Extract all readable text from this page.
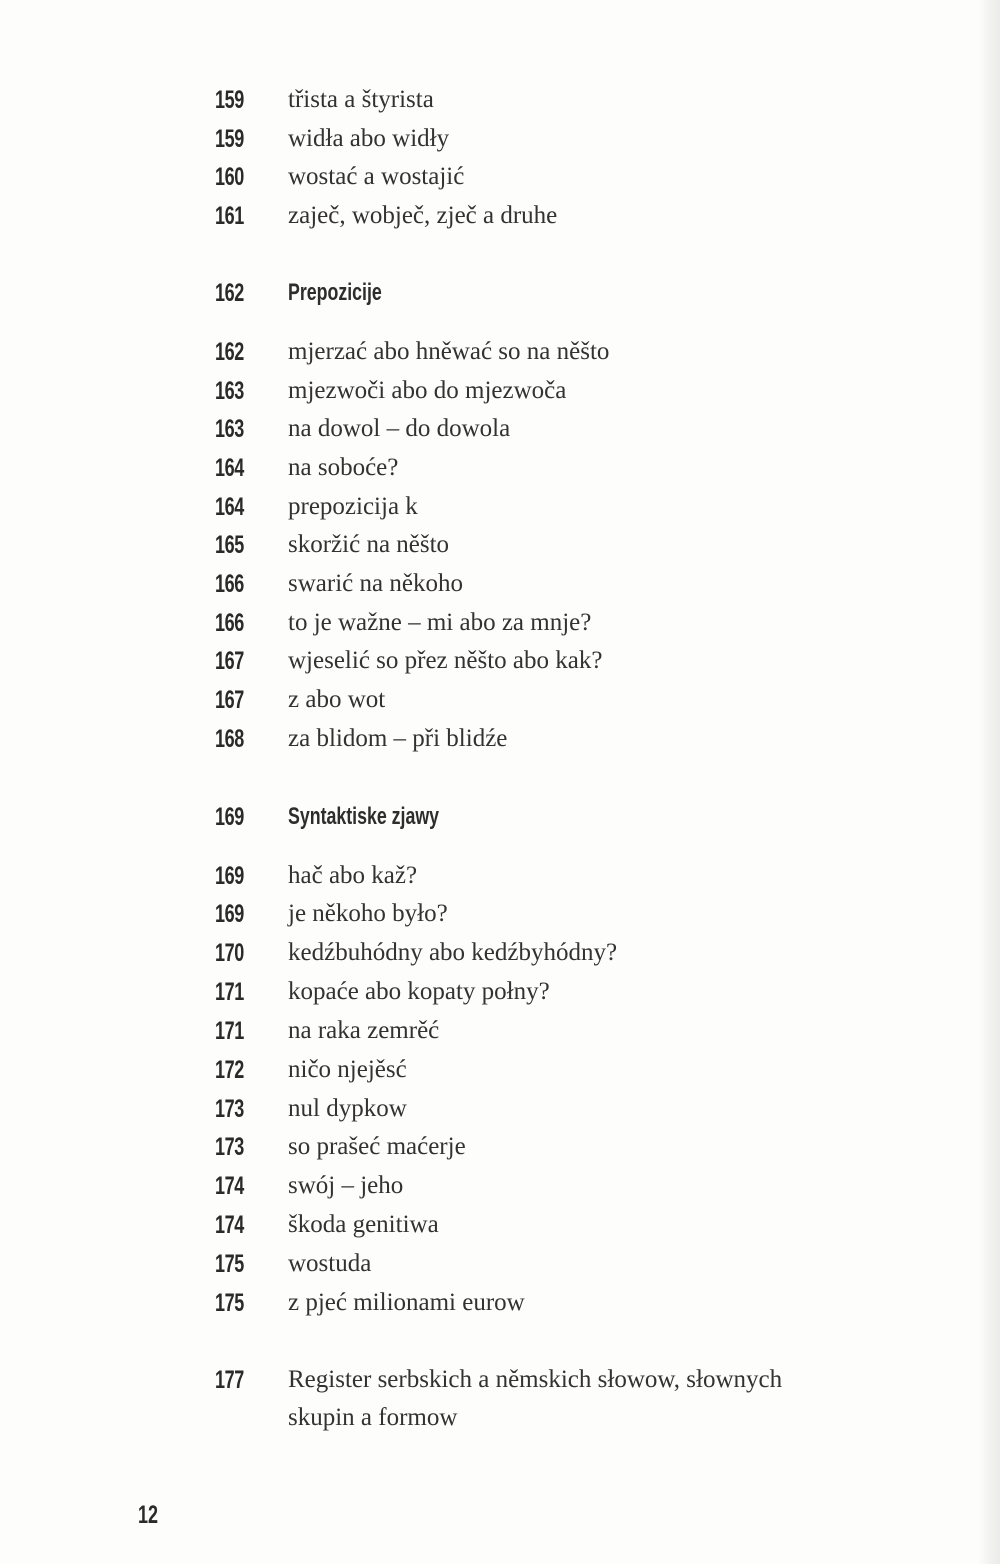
159 třista a štyrista
159 widła abo widły
160 wostać a wostajić
161 zaječ, wobječ, zječ a druhe
162 Prepozicije
162 mjerzać abo hněwać so na něšto
163 mjezwoči abo do mjezwoča
163 na dowol – do dowola
164 na soboće?
164 prepozicija k
165 skoržić na něšto
166 swarić na někoho
166 to je wažne – mi abo za mnje?
167 wjeselić so přez něšto abo kak?
167 z abo wot
168 za blidom – při blidźe
169 Syntaktiske zjawy
169 hač abo kaž?
169 je někoho było?
170 kedźbuhódny abo kedźbyhódny?
171 kopaće abo kopaty połny?
171 na raka zemrěć
172 ničo njejěsć
173 nul dypkow
173 so prašeć maćerje
174 swój – jeho
174 škoda genitiwa
175 wostuda
175 z pjeć milionami eurow
177 Register serbskich a němskich słowow, słownych skupin a formow
12
